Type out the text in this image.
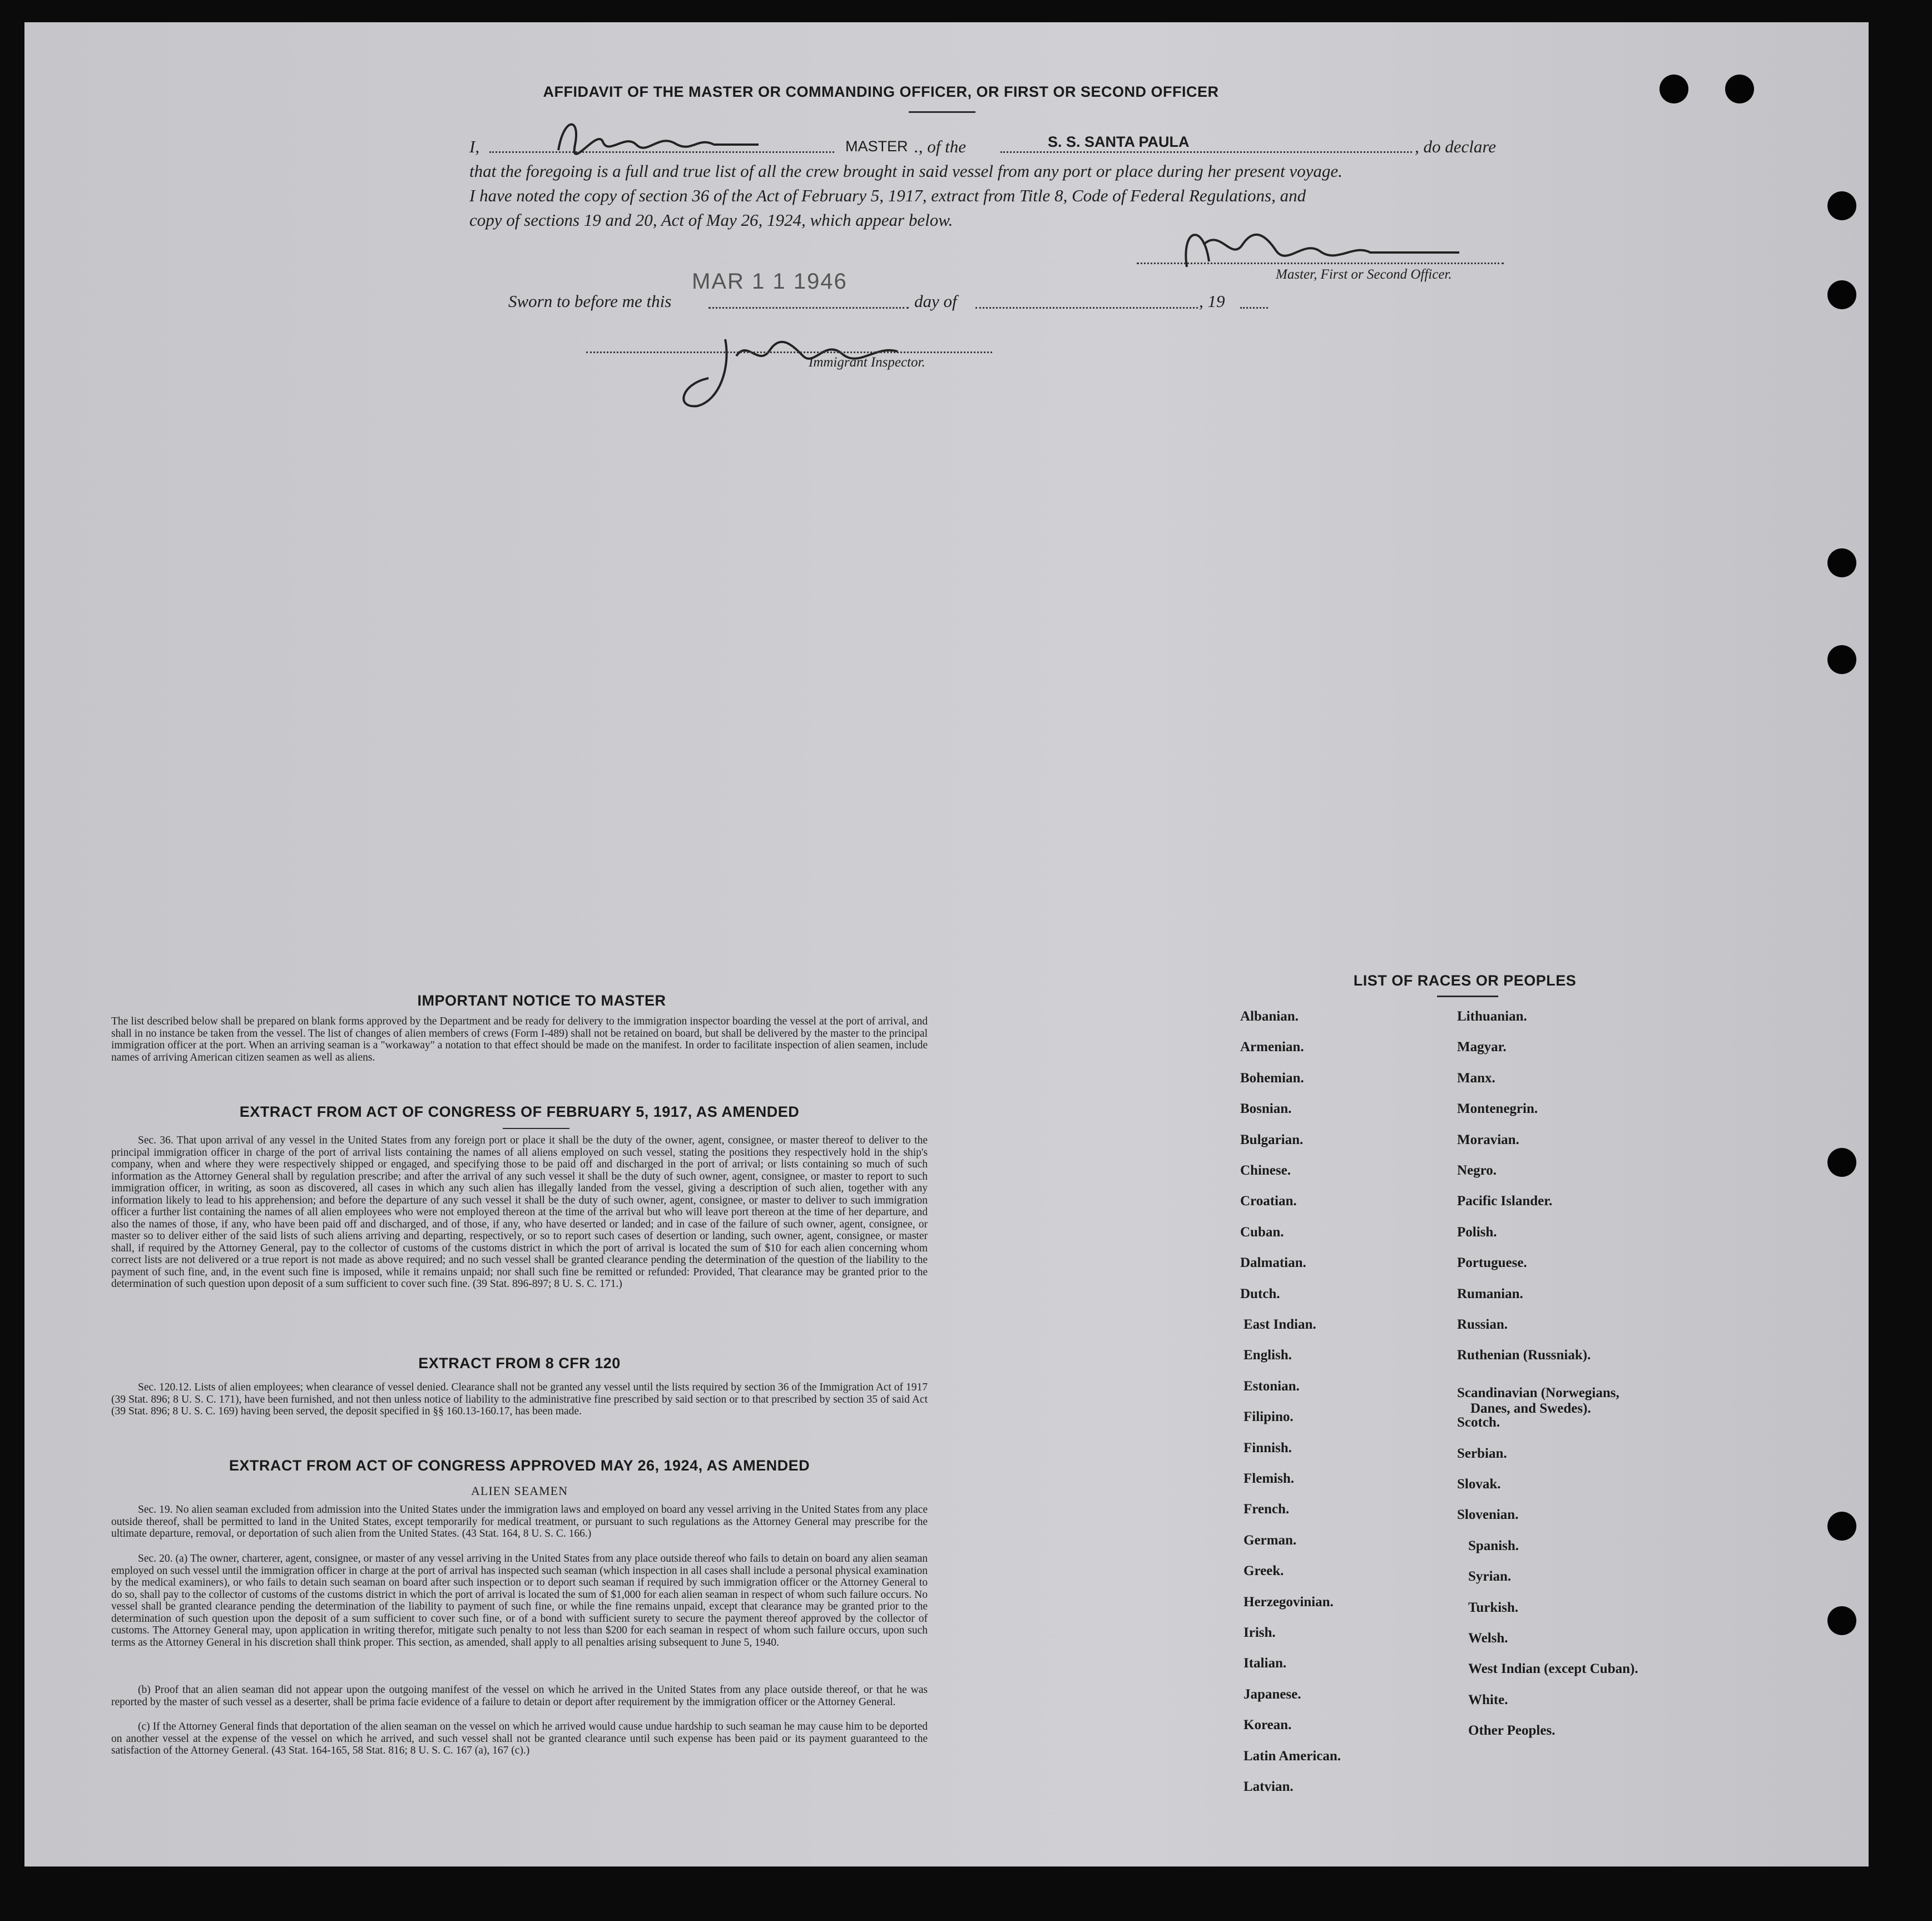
AFFIDAVIT OF THE MASTER OR COMMANDING OFFICER, OR FIRST OR SECOND OFFICER
I,	MASTER ., of the	S. S. SANTA PAULA	, do declare
that the foregoing is a full and true list of all the crew brought in said vessel from any port or place during her present voyage.
I have noted the copy of section 36 of the Act of February 5, 1917, extract from Title 8, Code of Federal Regulations, and
copy of sections 19 and 20, Act of May 26, 1924, which appear below.
MAR 1 1 1946	Master, First or Second Officer.
Sworn to before me this	day of	, 19
Immigrant Inspector.
IMPORTANT NOTICE TO MASTER
The list described below shall be prepared on blank forms approved by the Department and be ready for delivery to the immigration inspector boarding the vessel at the port of arrival, and shall in no instance be taken from the vessel. The list of changes of alien members of crews (Form I-489) shall not be retained on board, but shall be delivered by the master to the principal immigration officer at the port. When an arriving seaman is a "workaway" a notation to that effect should be made on the manifest. In order to facilitate inspection of alien seamen, include names of arriving American citizen seamen as well as aliens.
EXTRACT FROM ACT OF CONGRESS OF FEBRUARY 5, 1917, AS AMENDED
Sec. 36. That upon arrival of any vessel in the United States from any foreign port or place it shall be the duty of the owner, agent, consignee, or master thereof to deliver to the principal immigration officer in charge of the port of arrival lists containing the names of all aliens employed on such vessel, stating the positions they respectively hold in the ship's company, when and where they were respectively shipped or engaged, and specifying those to be paid off and discharged in the port of arrival; or lists containing so much of such information as the Attorney General shall by regulation prescribe; and after the arrival of any such vessel it shall be the duty of such owner, agent, consignee, or master to report to such immigration officer, in writing, as soon as discovered, all cases in which any such alien has illegally landed from the vessel, giving a description of such alien, together with any information likely to lead to his apprehension; and before the departure of any such vessel it shall be the duty of such owner, agent, consignee, or master to deliver to such immigration officer a further list containing the names of all alien employees who were not employed thereon at the time of the arrival but who will leave port thereon at the time of her departure, and also the names of those, if any, who have been paid off and discharged, and of those, if any, who have deserted or landed; and in case of the failure of such owner, agent, consignee, or master so to deliver either of the said lists of such aliens arriving and departing, respectively, or so to report such cases of desertion or landing, such owner, agent, consignee, or master shall, if required by the Attorney General, pay to the collector of customs of the customs district in which the port of arrival is located the sum of $10 for each alien concerning whom correct lists are not delivered or a true report is not made as above required; and no such vessel shall be granted clearance pending the determination of the question of the liability to the payment of such fine, and, in the event such fine is imposed, while it remains unpaid; nor shall such fine be remitted or refunded: Provided, That clearance may be granted prior to the determination of such question upon deposit of a sum sufficient to cover such fine. (39 Stat. 896-897; 8 U. S. C. 171.)
EXTRACT FROM 8 CFR 120
Sec. 120.12. Lists of alien employees; when clearance of vessel denied. Clearance shall not be granted any vessel until the lists required by section 36 of the Immigration Act of 1917 (39 Stat. 896; 8 U. S. C. 171), have been furnished, and not then unless notice of liability to the administrative fine prescribed by said section or to that prescribed by section 35 of said Act (39 Stat. 896; 8 U. S. C. 169) having been served, the deposit specified in §§ 160.13-160.17, has been made.
EXTRACT FROM ACT OF CONGRESS APPROVED MAY 26, 1924, AS AMENDED
ALIEN SEAMEN
Sec. 19. No alien seaman excluded from admission into the United States under the immigration laws and employed on board any vessel arriving in the United States from any place outside thereof, shall be permitted to land in the United States, except temporarily for medical treatment, or pursuant to such regulations as the Attorney General may prescribe for the ultimate departure, removal, or deportation of such alien from the United States. (43 Stat. 164, 8 U. S. C. 166.)
Sec. 20. (a) The owner, charterer, agent, consignee, or master of any vessel arriving in the United States from any place outside thereof who fails to detain on board any alien seaman employed on such vessel until the immigration officer in charge at the port of arrival has inspected such seaman (which inspection in all cases shall include a personal physical examination by the medical examiners), or who fails to detain such seaman on board after such inspection or to deport such seaman if required by such immigration officer or the Attorney General to do so, shall pay to the collector of customs of the customs district in which the port of arrival is located the sum of $1,000 for each alien seaman in respect of whom such failure occurs. No vessel shall be granted clearance pending the determination of the liability to payment of such fine, or while the fine remains unpaid, except that clearance may be granted prior to the determination of such question upon the deposit of a sum sufficient to cover such fine, or of a bond with sufficient surety to secure the payment thereof approved by the collector of customs. The Attorney General may, upon application in writing therefor, mitigate such penalty to not less than $200 for each seaman in respect of whom such failure occurs, upon such terms as the Attorney General in his discretion shall think proper. This section, as amended, shall apply to all penalties arising subsequent to June 5, 1940.
(b) Proof that an alien seaman did not appear upon the outgoing manifest of the vessel on which he arrived in the United States from any place outside thereof, or that he was reported by the master of such vessel as a deserter, shall be prima facie evidence of a failure to detain or deport after requirement by the immigration officer or the Attorney General.
(c) If the Attorney General finds that deportation of the alien seaman on the vessel on which he arrived would cause undue hardship to such seaman he may cause him to be deported on another vessel at the expense of the vessel on which he arrived, and such vessel shall not be granted clearance until such expense has been paid or its payment guaranteed to the satisfaction of the Attorney General. (43 Stat. 164-165, 58 Stat. 816; 8 U. S. C. 167 (a), 167 (c).)
LIST OF RACES OR PEOPLES
Albanian.
Armenian.
Bohemian.
Bosnian.
Bulgarian.
Chinese.
Croatian.
Cuban.
Dalmatian.
Dutch.
East Indian.
English.
Estonian.
Filipino.
Finnish.
Flemish.
French.
German.
Greek.
Herzegovinian.
Irish.
Italian.
Japanese.
Korean.
Latin American.
Latvian.
Lithuanian.
Magyar.
Manx.
Montenegrin.
Moravian.
Negro.
Pacific Islander.
Polish.
Portuguese.
Rumanian.
Russian.
Ruthenian (Russniak).
Scandinavian (Norwegians,
Danes, and Swedes).
Scotch.
Serbian.
Slovak.
Slovenian.
Spanish.
Syrian.
Turkish.
Welsh.
West Indian (except Cuban).
White.
Other Peoples.
